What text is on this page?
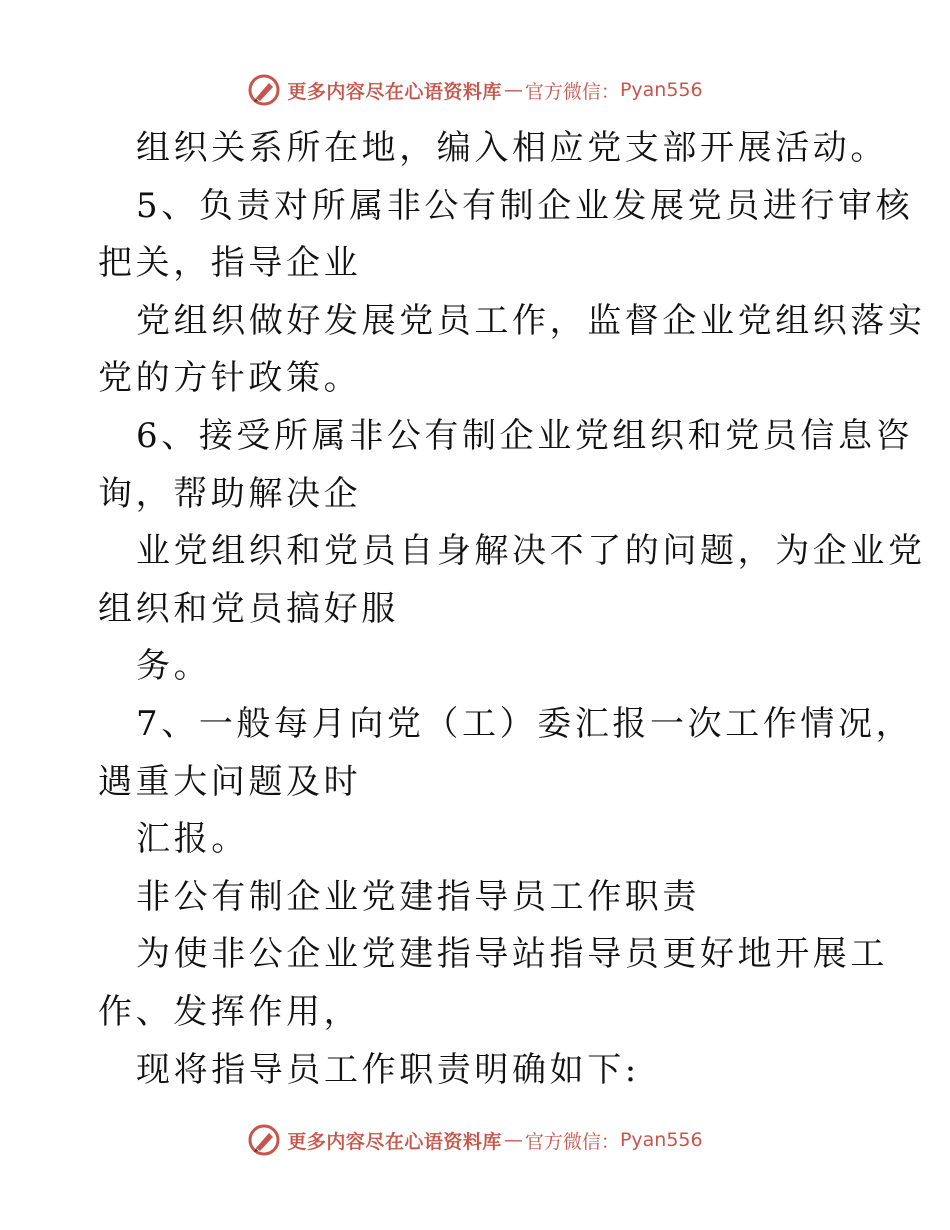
更多内容尽在心语资料库 — 官方微信： Pyan556
组织关系所在地，编入相应党支部开展活动。
5、负责对所属非公有制企业发展党员进行审核
把关，指导企业
党组织做好发展党员工作，监督企业党组织落实
党的方针政策。
6、接受所属非公有制企业党组织和党员信息咨
询，帮助解决企
业党组织和党员自身解决不了的问题，为企业党
组织和党员搞好服
务。
7、一般每月向党（工）委汇报一次工作情况，
遇重大问题及时
汇报。
非公有制企业党建指导员工作职责
为使非公企业党建指导站指导员更好地开展工
作、发挥作用，
现将指导员工作职责明确如下:
更多内容尽在心语资料库 — 官方微信： Pyan556
